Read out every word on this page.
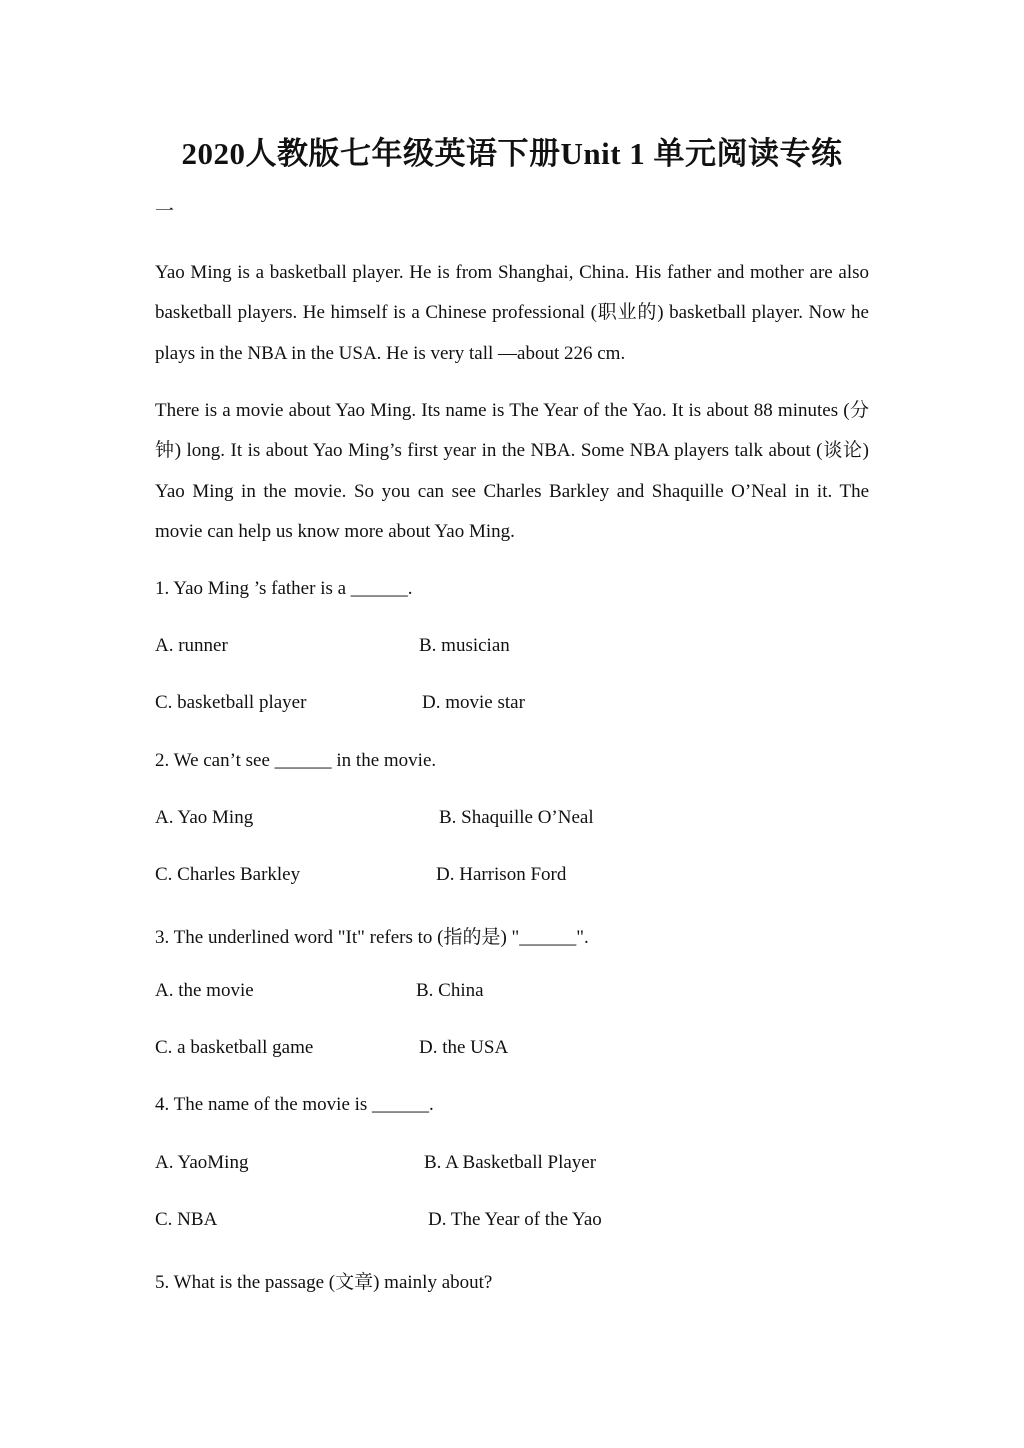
2020人教版七年级英语下册Unit 1 单元阅读专练
一
Yao Ming is a basketball player. He is from Shanghai, China. His father and mother are also basketball players. He himself is a Chinese professional (职业的) basketball player. Now he plays in the NBA in the USA. He is very tall —about 226 cm.
There is a movie about Yao Ming. Its name is The Year of the Yao. It is about 88 minutes (分钟) long. It is about Yao Ming’s first year in the NBA. Some NBA players talk about (谈论) Yao Ming in the movie. So you can see Charles Barkley and Shaquille O’Neal in it. The movie can help us know more about Yao Ming.
1. Yao Ming ’s father is a ______.
A. runner	B. musician
C. basketball player	D. movie star
2. We can’t see ______ in the movie.
A. Yao Ming	B. Shaquille O’Neal
C. Charles Barkley	D. Harrison Ford
3. The underlined word "It" refers to (指的是) "______".
A. the movie	B. China
C. a basketball game	D. the USA
4. The name of the movie is ______.
A. YaoMing	B. A Basketball Player
C. NBA	D. The Year of the Yao
5. What is the passage (文章) mainly about?
